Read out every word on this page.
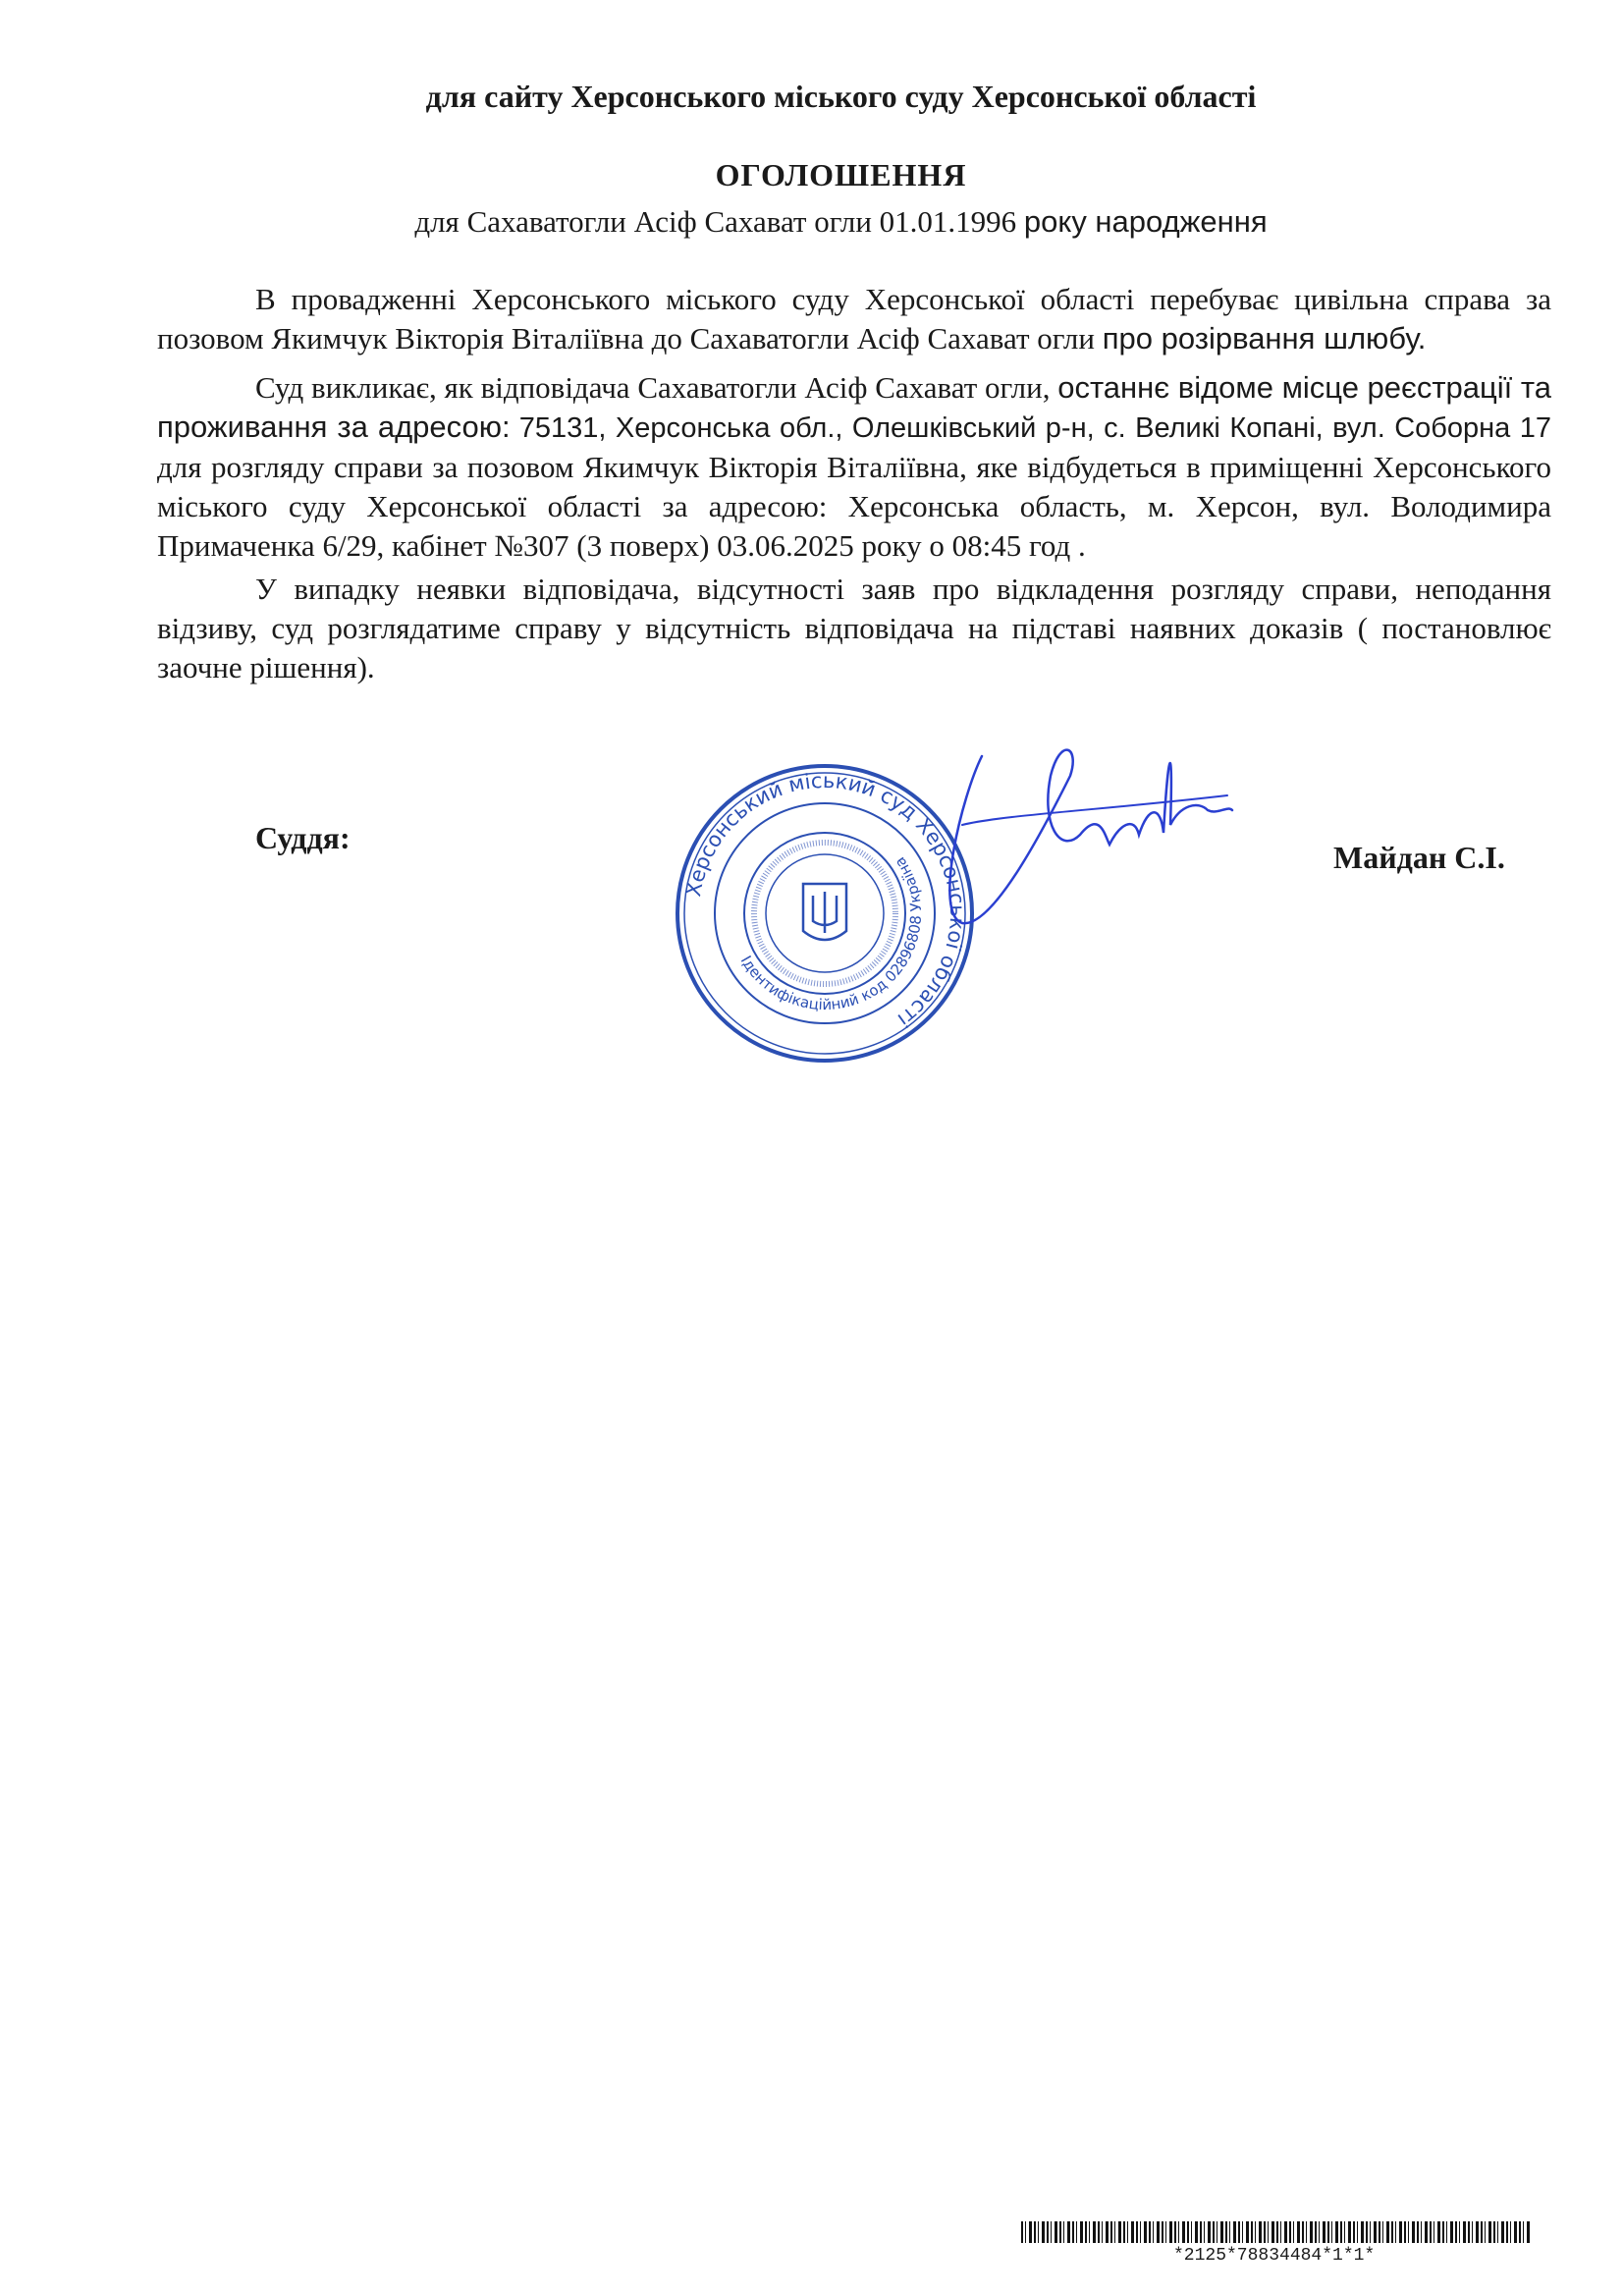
для сайту Херсонського міського суду Херсонської області
ОГОЛОШЕННЯ
для Сахаватогли Асіф Сахават огли 01.01.1996 року народження

В провадженні Херсонського міського суду Херсонської області перебуває цивільна справа за позовом Якимчук Вікторія Віталіївна до Сахаватогли Асіф Сахават огли про розірвання шлюбу.

Суд викликає, як відповідача Сахаватогли Асіф Сахават огли, останнє відоме місце реєстрації та проживання за адресою: 75131, Херсонська обл., Олешківський р-н, с. Великі Копані, вул. Соборна 17 для розгляду справи за позовом Якимчук Вікторія Віталіївна, яке відбудеться в приміщенні Херсонського міського суду Херсонської області за адресою: Херсонська область, м. Херсон, вул. Володимира Примаченка 6/29, кабінет №307 (3 поверх) 03.06.2025 року о 08:45 год .

У випадку неявки відповідача, відсутності заяв про відкладення розгляду справи, неподання відзиву, суд розглядатиме справу у відсутність відповідача на підставі наявних доказів ( постановлює заочне рішення).

Суддя:
Майдан С.І.
Херсонський міський суд Херсонської області
Ідентифікаційний код 02896808 Україна
*2125*78834484*1*1*
